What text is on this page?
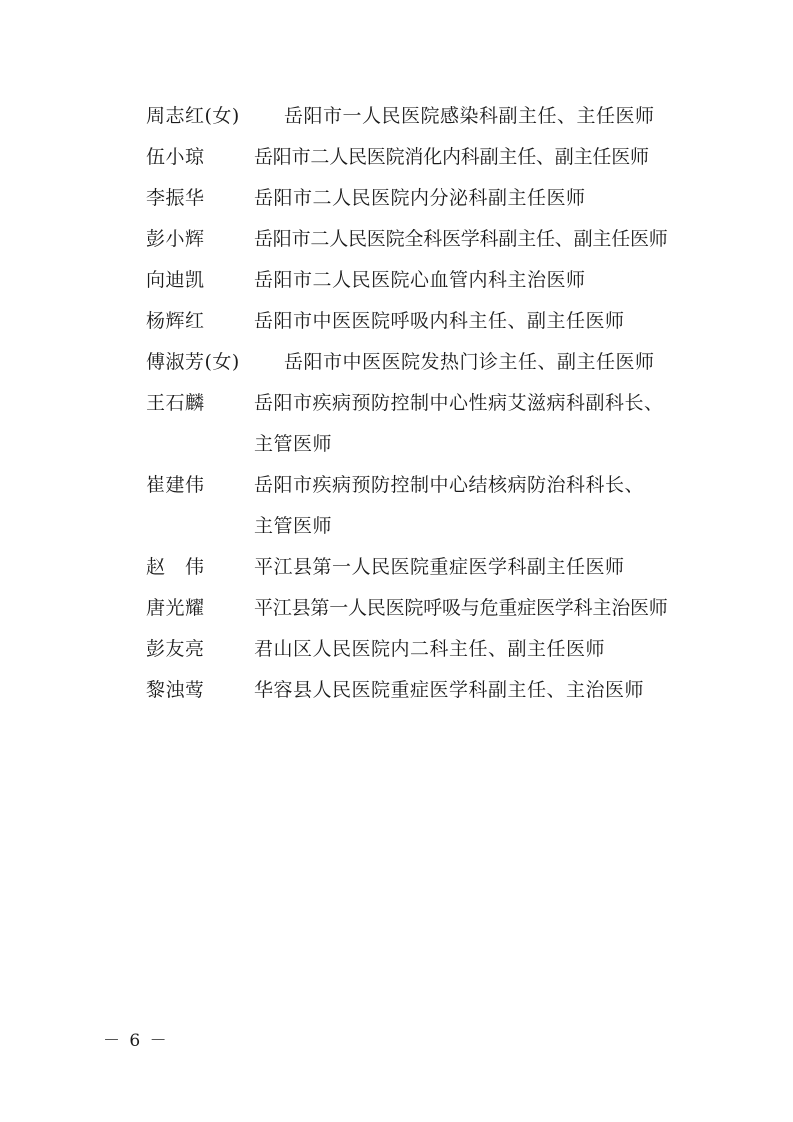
周志红(女)	岳阳市一人民医院感染科副主任、主任医师
伍小琼	岳阳市二人民医院消化内科副主任、副主任医师
李振华	岳阳市二人民医院内分泌科副主任医师
彭小辉	岳阳市二人民医院全科医学科副主任、副主任医师
向迪凯	岳阳市二人民医院心血管内科主治医师
杨辉红	岳阳市中医医院呼吸内科主任、副主任医师
傅淑芳(女)	岳阳市中医医院发热门诊主任、副主任医师
王石麟	岳阳市疾病预防控制中心性病艾滋病科副科长、
主管医师
崔建伟	岳阳市疾病预防控制中心结核病防治科科长、
主管医师
赵　伟	平江县第一人民医院重症医学科副主任医师
唐光耀	平江县第一人民医院呼吸与危重症医学科主治医师
彭友亮	君山区人民医院内二科主任、副主任医师
黎浊莺	华容县人民医院重症医学科副主任、主治医师
－ 6 －
